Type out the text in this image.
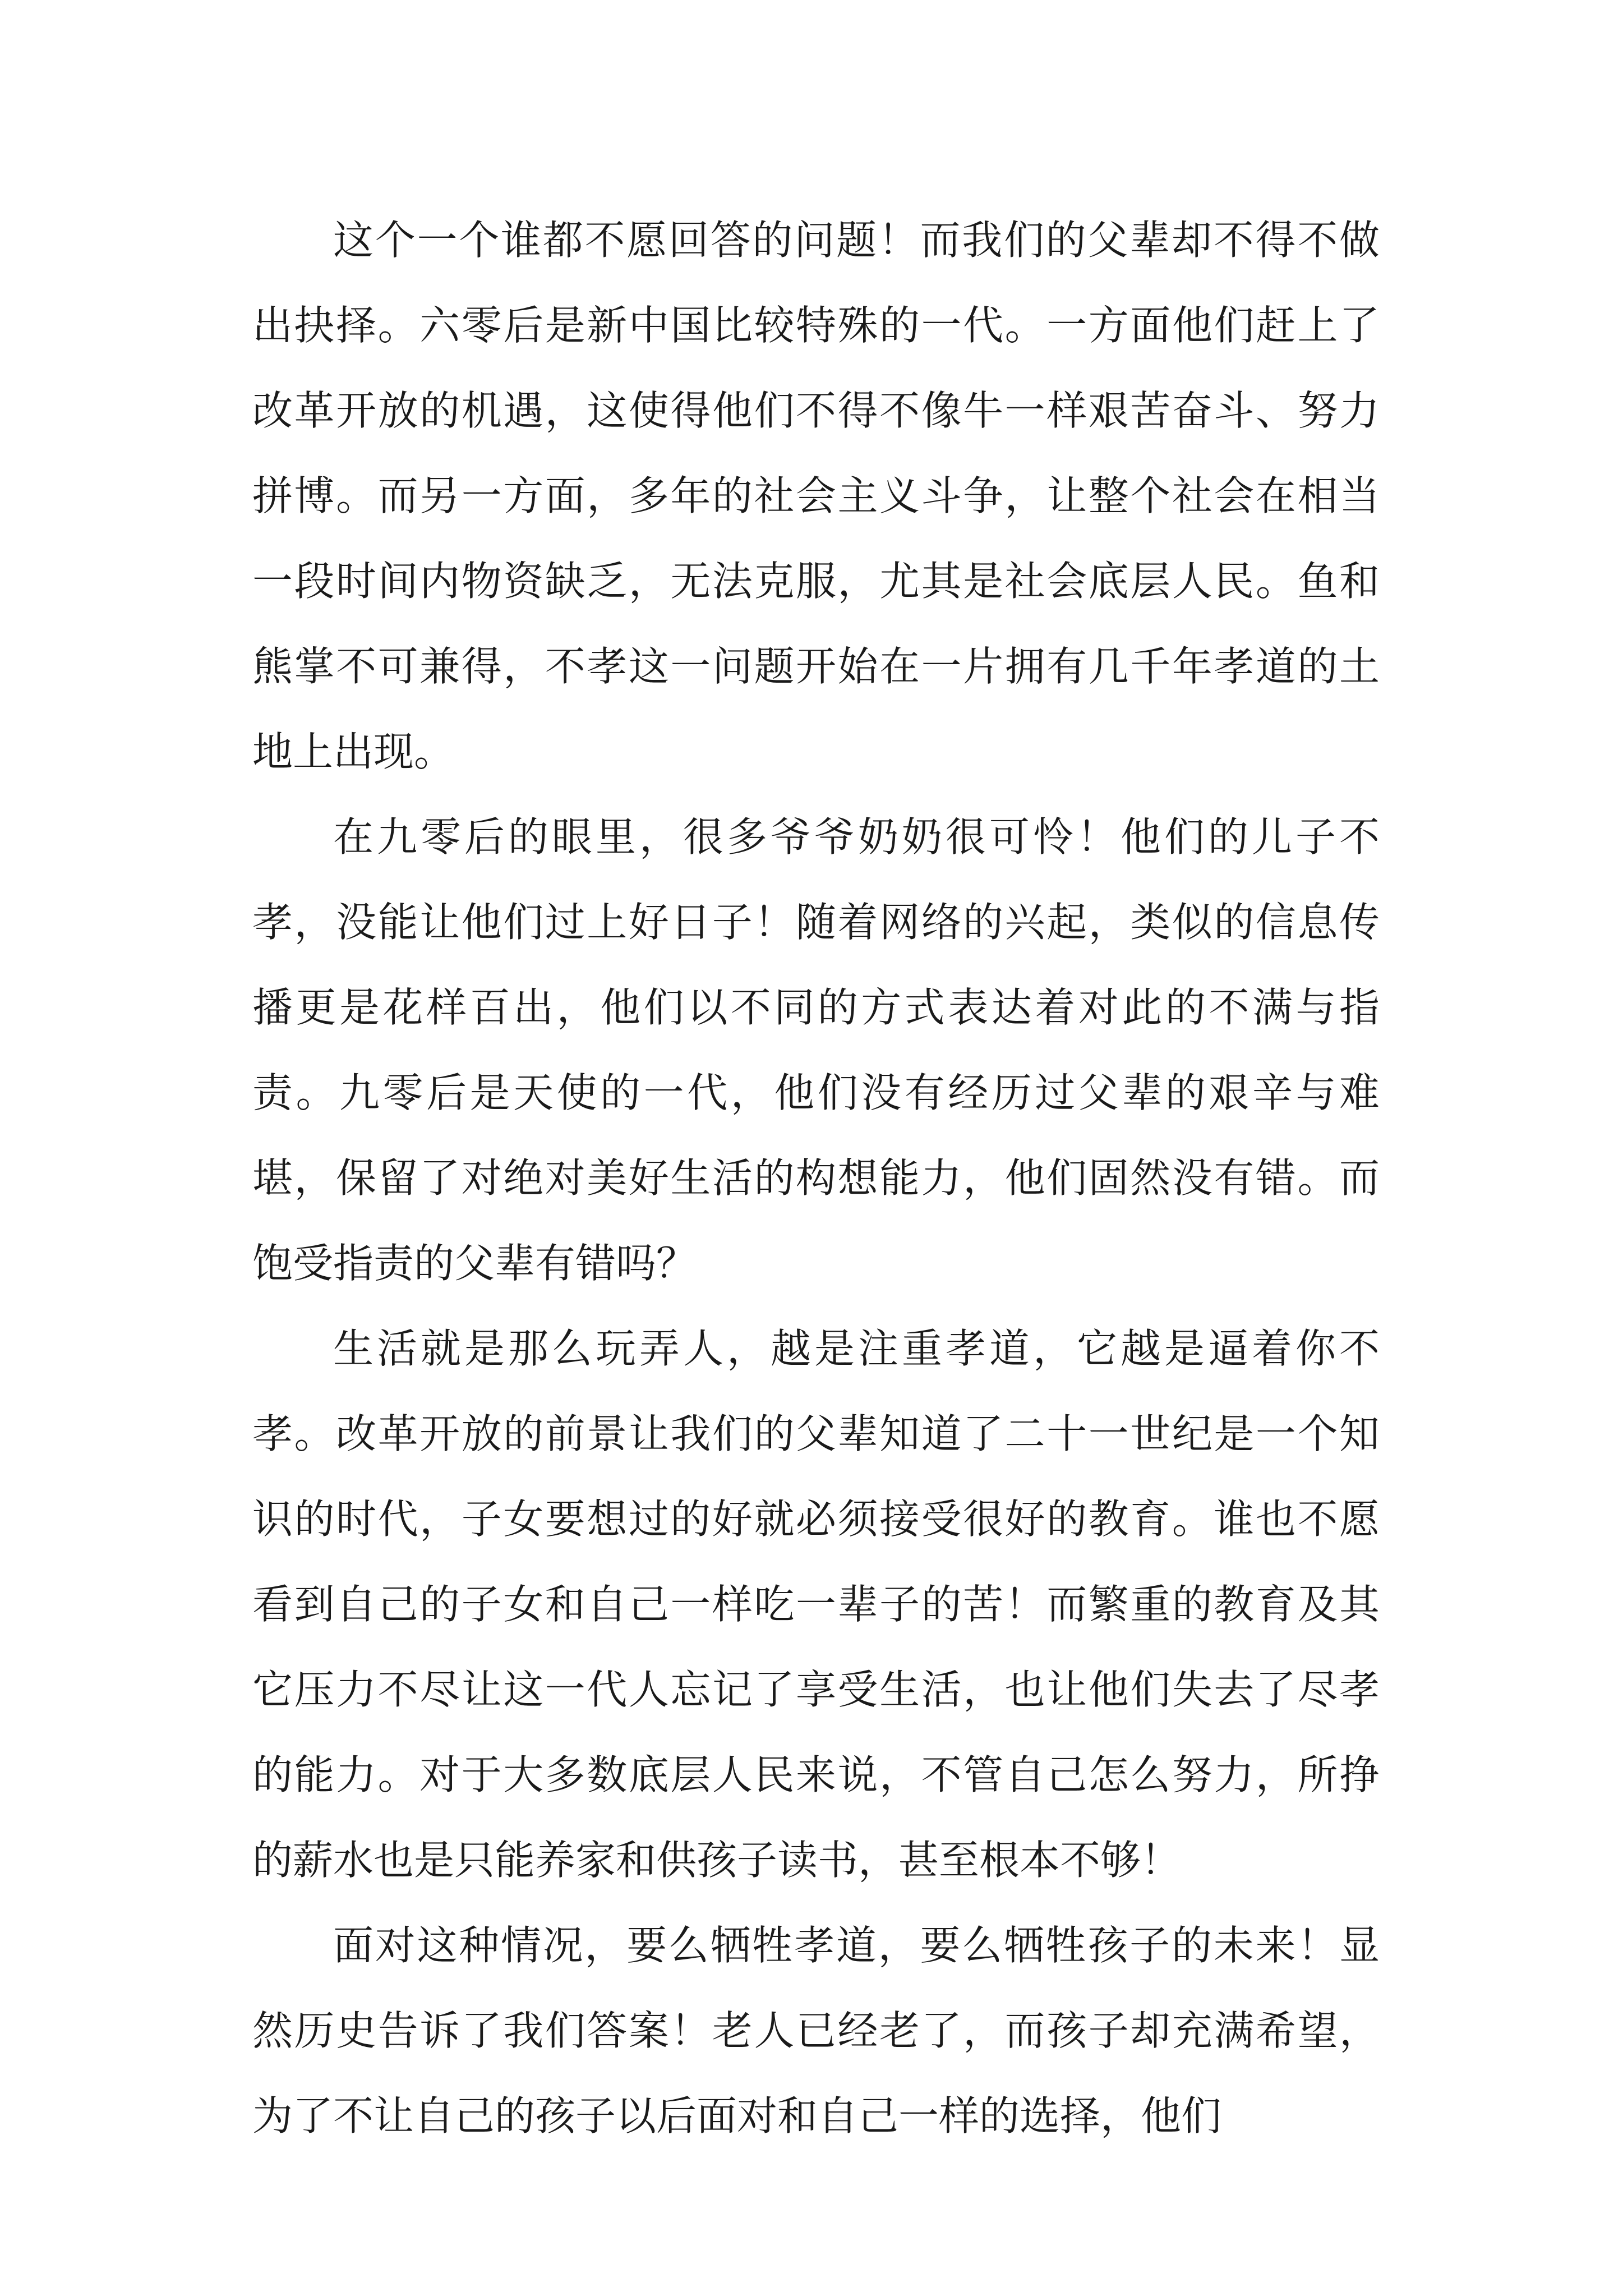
这个一个谁都不愿回答的问题！而我们的父辈却不得不做出抉择。六零后是新中国比较特殊的一代。一方面他们赶上了改革开放的机遇，这使得他们不得不像牛一样艰苦奋斗、努力拼博。而另一方面，多年的社会主义斗争，让整个社会在相当一段时间内物资缺乏，无法克服，尤其是社会底层人民。鱼和熊掌不可兼得，不孝这一问题开始在一片拥有几千年孝道的土地上出现。

在九零后的眼里，很多爷爷奶奶很可怜！他们的儿子不孝，没能让他们过上好日子！随着网络的兴起，类似的信息传播更是花样百出，他们以不同的方式表达着对此的不满与指责。九零后是天使的一代，他们没有经历过父辈的艰辛与难堪，保留了对绝对美好生活的构想能力，他们固然没有错。而饱受指责的父辈有错吗？

生活就是那么玩弄人，越是注重孝道，它越是逼着你不孝。改革开放的前景让我们的父辈知道了二十一世纪是一个知识的时代，子女要想过的好就必须接受很好的教育。谁也不愿看到自己的子女和自己一样吃一辈子的苦！而繁重的教育及其它压力不尽让这一代人忘记了享受生活，也让他们失去了尽孝的能力。对于大多数底层人民来说，不管自己怎么努力，所挣的薪水也是只能养家和供孩子读书，甚至根本不够！

面对这种情况，要么牺牲孝道，要么牺牲孩子的未来！显然历史告诉了我们答案！老人已经老了，而孩子却充满希望，为了不让自己的孩子以后面对和自己一样的选择，他们
